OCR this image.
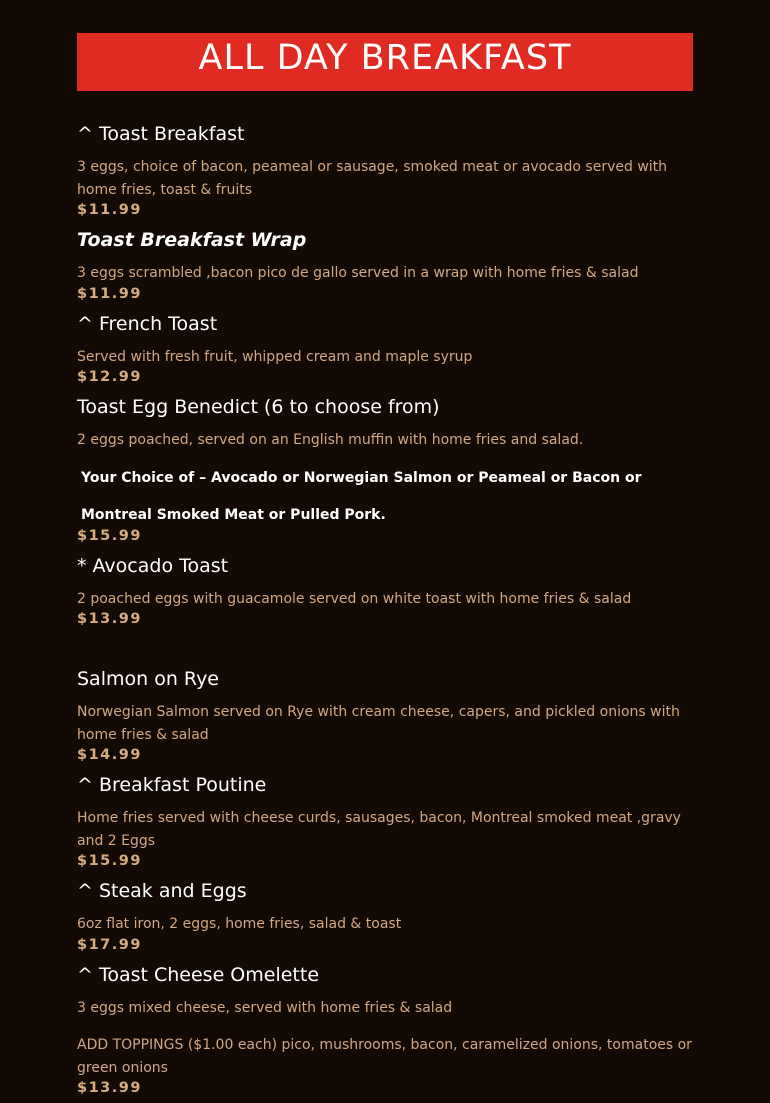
ALL DAY BREAKFAST
^ Toast Breakfast
3 eggs, choice of bacon, peameal or sausage, smoked meat or avocado served with home fries, toast & fruits
$11.99
Toast Breakfast Wrap
3 eggs scrambled ,bacon pico de gallo served in a wrap with home fries & salad
$11.99
^ French Toast
Served with fresh fruit, whipped cream and maple syrup
$12.99
Toast Egg Benedict (6 to choose from)
2 eggs poached, served on an English muffin with home fries and salad.
Your Choice of – Avocado or Norwegian Salmon or Peameal or Bacon or
Montreal Smoked Meat or Pulled Pork.
$15.99
* Avocado Toast
2 poached eggs with guacamole served on white toast with home fries & salad
$13.99
Salmon on Rye
Norwegian Salmon served on Rye with cream cheese, capers, and pickled onions with home fries & salad
$14.99
^ Breakfast Poutine
Home fries served with cheese curds, sausages, bacon, Montreal smoked meat ,gravy and 2 Eggs
$15.99
^ Steak and Eggs
6oz flat iron, 2 eggs, home fries, salad & toast
$17.99
^ Toast Cheese Omelette
3 eggs mixed cheese, served with home fries & salad
ADD TOPPINGS ($1.00 each) pico, mushrooms, bacon, caramelized onions, tomatoes or green onions
$13.99
